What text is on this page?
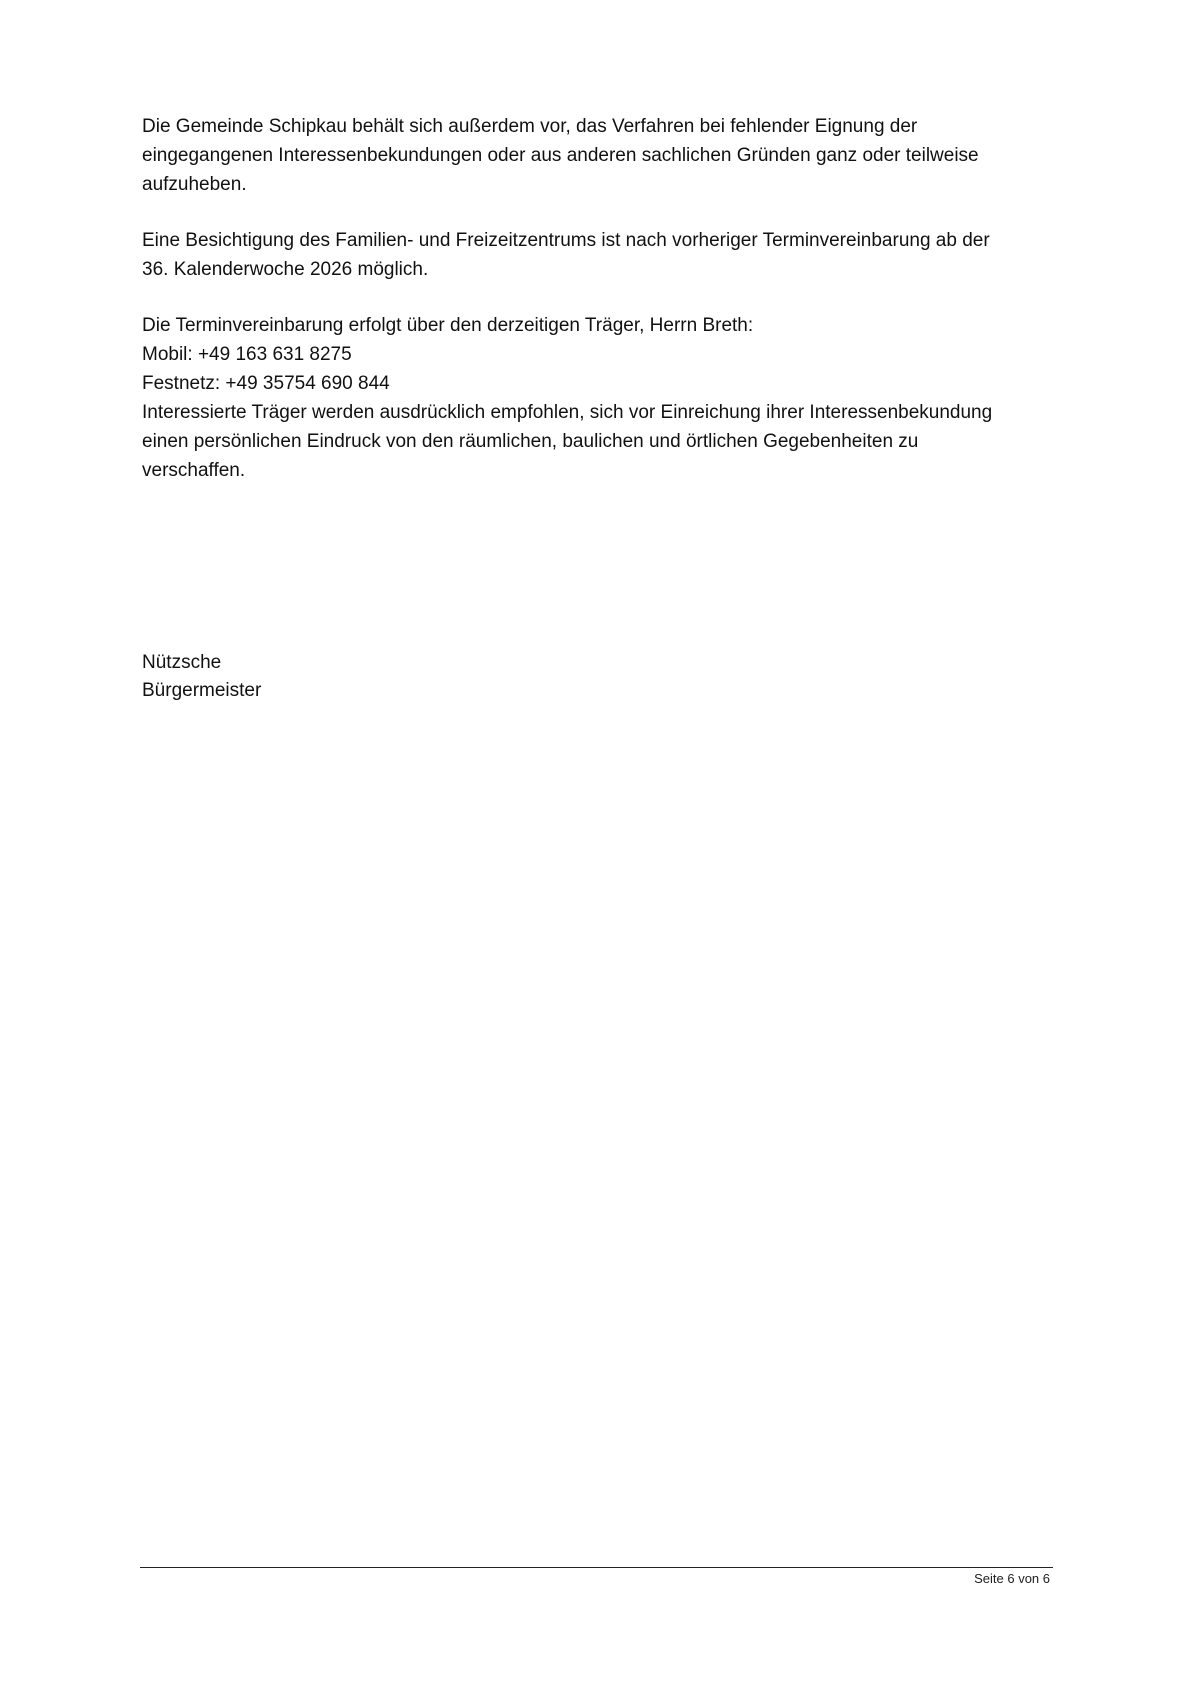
Die Gemeinde Schipkau behält sich außerdem vor, das Verfahren bei fehlender Eignung der
eingegangenen Interessenbekundungen oder aus anderen sachlichen Gründen ganz oder teilweise
aufzuheben.

Eine Besichtigung des Familien- und Freizeitzentrums ist nach vorheriger Terminvereinbarung ab der
36. Kalenderwoche 2026 möglich.

Die Terminvereinbarung erfolgt über den derzeitigen Träger, Herrn Breth:
Mobil: +49 163 631 8275
Festnetz: +49 35754 690 844
Interessierte Träger werden ausdrücklich empfohlen, sich vor Einreichung ihrer Interessenbekundung
einen persönlichen Eindruck von den räumlichen, baulichen und örtlichen Gegebenheiten zu
verschaffen.

Nützsche
Bürgermeister
Seite 6 von 6
